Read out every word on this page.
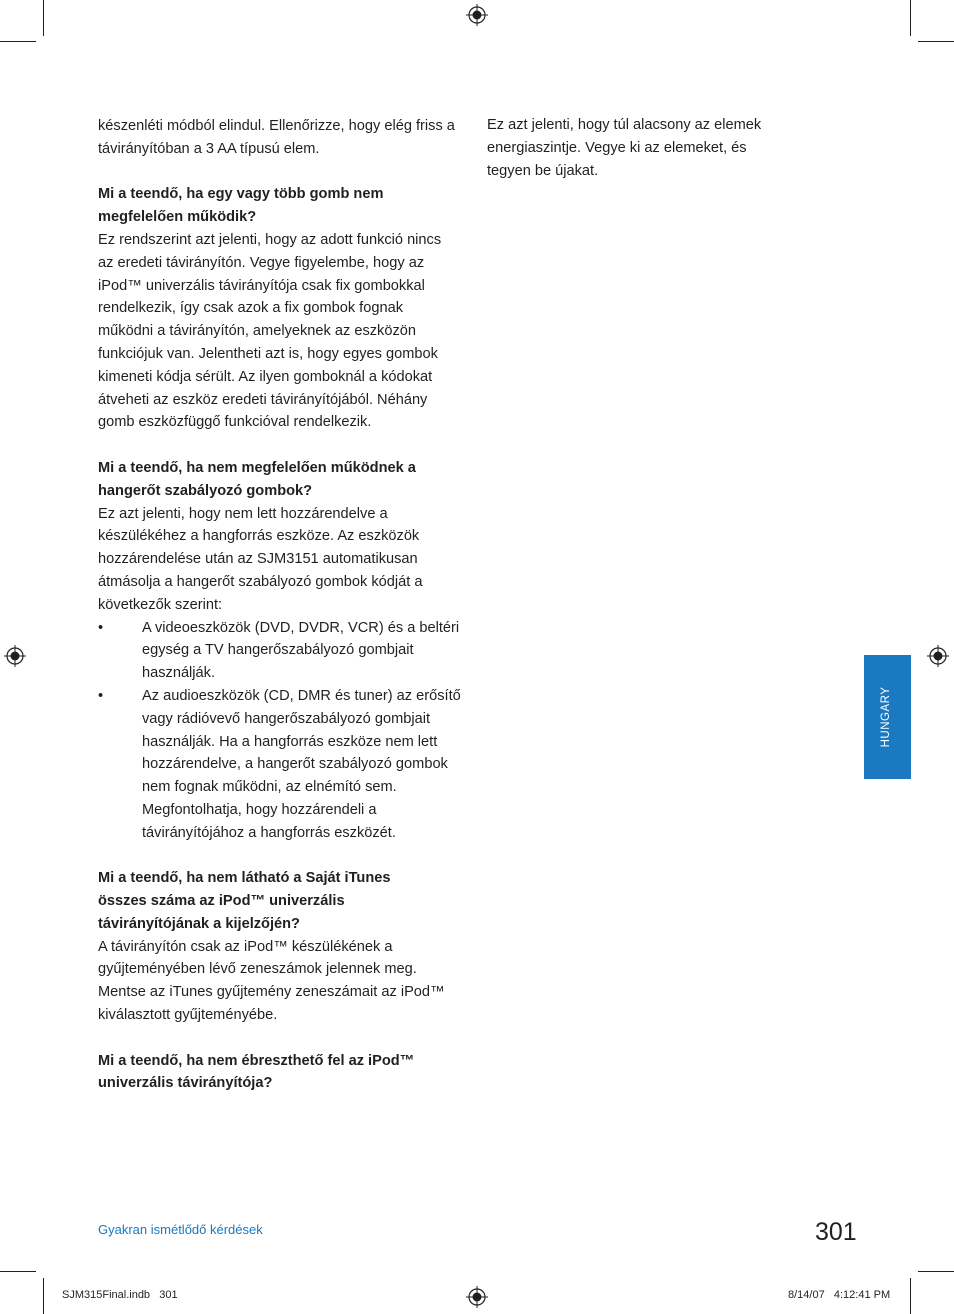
készenléti módból elindul. Ellenőrizze, hogy elég friss a távirányítóban a 3 AA típusú elem.

Mi a teendő, ha egy vagy több gomb nem megfelelően működik?

Ez rendszerint azt jelenti, hogy az adott funkció nincs az eredeti távirányítón. Vegye figyelembe, hogy az iPod™ univerzális távirányítója csak fix gombokkal rendelkezik, így csak azok a fix gombok fognak működni a távirányítón, amelyeknek az eszközön funkciójuk van. Jelentheti azt is, hogy egyes gombok kimeneti kódja sérült. Az ilyen gomboknál a kódokat átveheti az eszköz eredeti távirányítójából. Néhány gomb eszközfüggő funkcióval rendelkezik.

Mi a teendő, ha nem megfelelően működnek a hangerőt szabályozó gombok?

Ez azt jelenti, hogy nem lett hozzárendelve a készülékéhez a hangforrás eszköze. Az eszközök hozzárendelése után az SJM3151 automatikusan átmásolja a hangerőt szabályozó gombok kódját a következők szerint:

•	A videoeszközök (DVD, DVDR, VCR) és a beltéri egység a TV hangerőszabályozó gombjait használják.
•	Az audioeszközök (CD, DMR és tuner) az erősítő vagy rádióvevő hangerőszabályozó gombjait használják. Ha a hangforrás eszköze nem lett hozzárendelve, a hangerőt szabályozó gombok nem fognak működni, az elnémító sem. Megfontolhatja, hogy hozzárendeli a távirányítójához a hangforrás eszközét.

Mi a teendő, ha nem látható a Saját iTunes összes száma az iPod™ univerzális távirányítójának a kijelzőjén?

A távirányítón csak az iPod™ készülékének a gyűjteményében lévő zeneszámok jelennek meg. Mentse az iTunes gyűjtemény zeneszámait az iPod™ kiválasztott gyűjteményébe.

Mi a teendő, ha nem ébreszthető fel az iPod™ univerzális távirányítója?

Ez azt jelenti, hogy túl alacsony az elemek energiaszintje. Vegye ki az elemeket, és tegyen be újakat.

HUNGARY
Gyakran ismétlődő kérdések	301
SJM315Final.indb   301	8/14/07   4:12:41 PM
